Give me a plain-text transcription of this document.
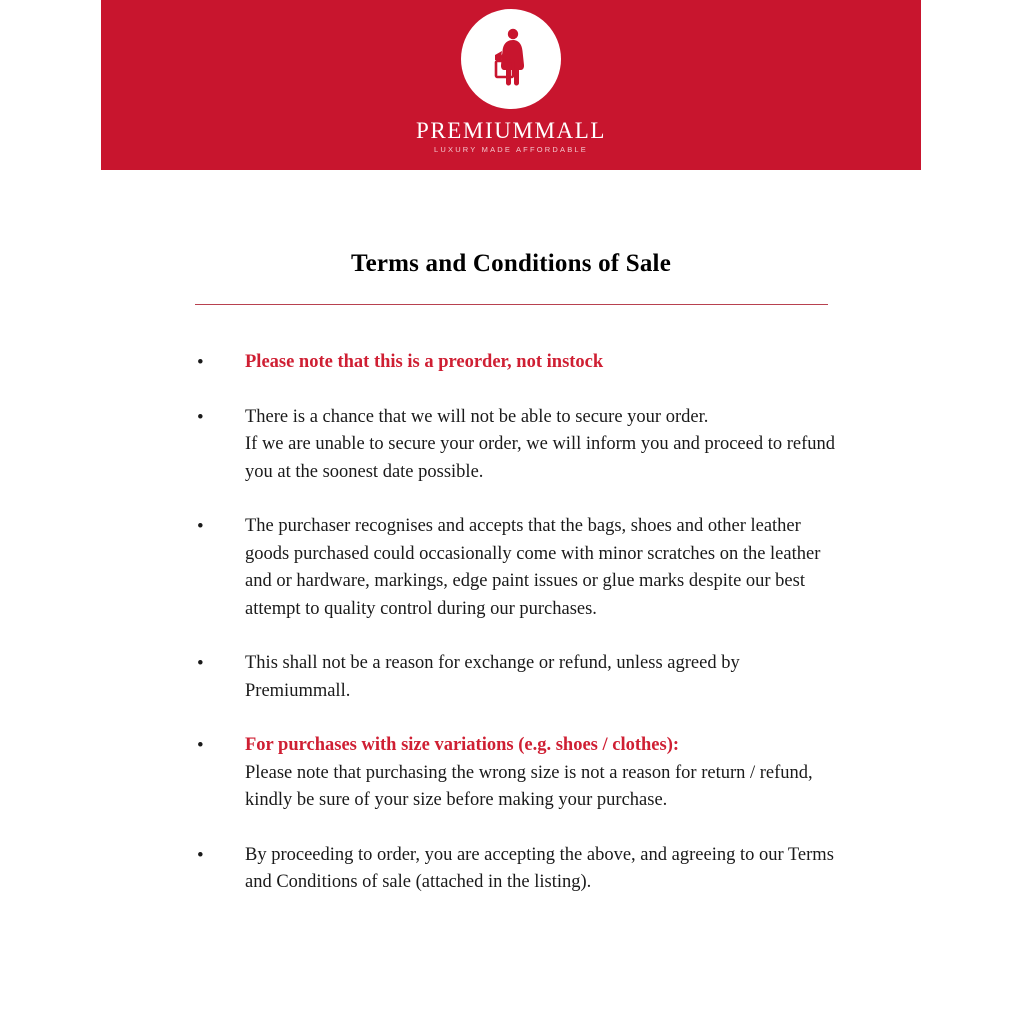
PREMIUMMALL
LUXURY MADE AFFORDABLE
Terms and Conditions of Sale
• Please note that this is a preorder, not instock

• There is a chance that we will not be able to secure your order.

If we are unable to secure your order, we will inform you and proceed to refund you at the soonest date possible.

• The purchaser recognises and accepts that the bags, shoes and other leather goods purchased could occasionally come with minor scratches on the leather and or hardware, markings, edge paint issues or glue marks despite our best attempt to quality control during our purchases.

• This shall not be a reason for exchange or refund, unless agreed by Premiummall.

• For purchases with size variations (e.g. shoes / clothes):

Please note that purchasing the wrong size is not a reason for return / refund, kindly be sure of your size before making your purchase.

• By proceeding to order, you are accepting the above, and agreeing to our Terms and Conditions of sale (attached in the listing).
